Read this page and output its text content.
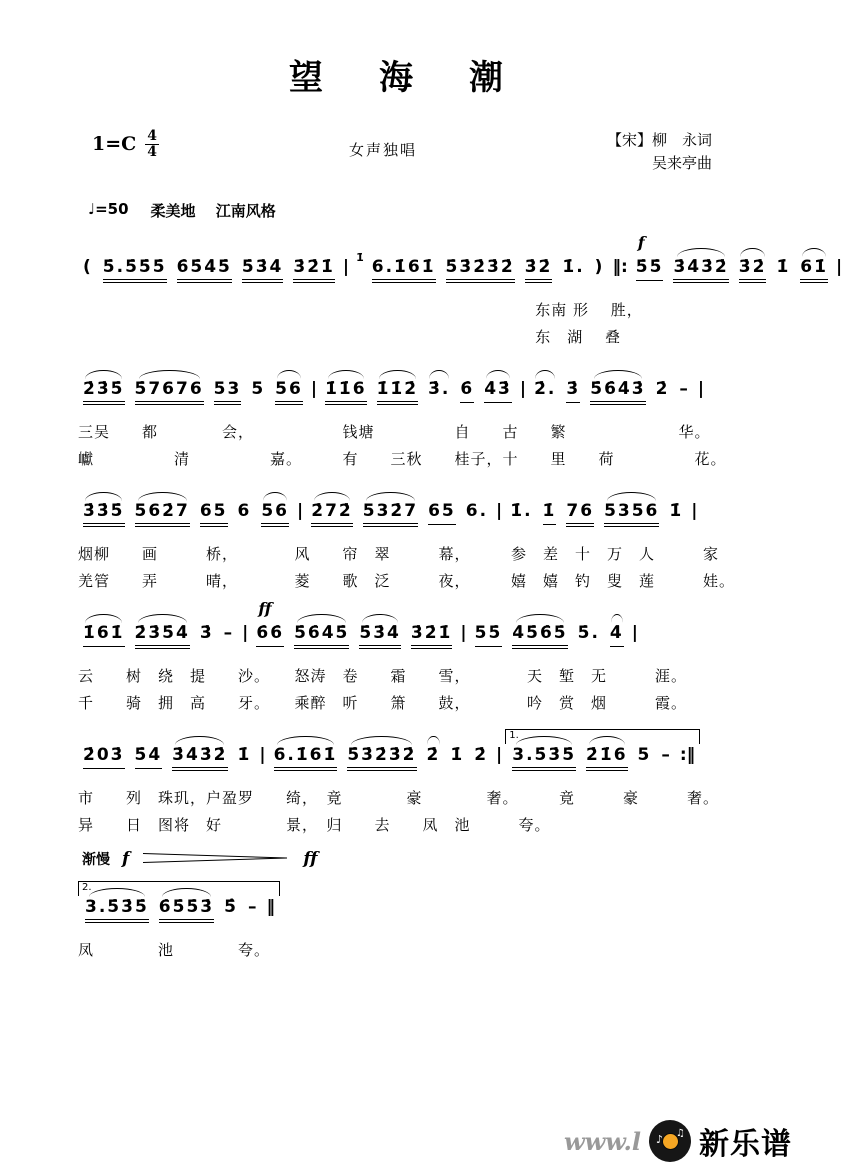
望海潮
1=C 4
4	女声独唱
【宋】柳　永词
吴来亭曲
♩=50 柔美地　 江南风格
( 5̇.5̇5̇5̇ 6̇5̇4̇5̇ 5̇3̇4̇ 3̇2̇1̇ | 1̇ 6.1̇61̇ 5̇3̇2̇3̇2̇ 3̇2̇ 1̇. ) ‖: 5̇5̇
f
3̇4̇3̇2̇ 3̇2̇ 1̇ 61̇ |
东南 形　 胜，
东　湖　 叠
2̇3̇5̇ 5̇7676 53 5 56 | 1̇1̇6 1̇1̇2̇ 3̇. 6̇ 4̇3̇ | 2̇. 3̇ 5̇6̇4̇3̇ 2̇ – |
三吴　　都　　　　会，　　　　　　钱塘　　　　　自　　古　　繁　　　　　　　华。
巘　　　　　清　　　　　嘉。　　　有　　三秋　　桂子，十　　里　　荷　　　　　花。
3̇3̇5̇ 562̇7 65 6 56 | 2̇72̇ 532̇7 65 6. | 1̇. 1̇ 76 5356 1̇ |
烟柳　　画　　　桥，　　　　风　　帘　翠　　　幕，　　　参　差　十　万　人　　　家
羌管　　弄　　　晴，　　　　菱　　歌　泛　　　夜，　　　嬉　嬉　钓　叟　莲　　　娃。
1̇61̇ 2̇3̇5̇4̇ 3̇ – | 6̇6̇
ff
5̇6̇4̇5̇ 5̇3̇4̇ 3̇2̇1̇ | 55̇ 4̇5̇6̇5̇ 5̇. 4̇ |
云　　树　绕　提　　沙。　　怒涛　卷　　霜　　雪，　　　　天　堑　无　　　涯。
千　　骑　拥　高　　牙。　　乘醉　听　　箫　　鼓，　　　　吟　赏　烟　　　霞。
2̇03̇ 5̇4̇ 3̇4̇3̇2̇ 1̇ | 6.1̇61̇ 5̇3̇2̇3̇2̇ 2̇ 1̇ 2̇ |
1.
3.5̇3̇5̇ 2̇1̇6 5 – :‖
市　　列　珠玑，户盈罗　　绮，　竟　　　　豪　　　　奢。　　　竟　　　豪　　　奢。
异　　日　图将　好　　　　景，　归　　去　　凤　池　　　夸。
渐慢 f	ff
2.
3.5̇3̇5̇ 6̇5̇5̇3̇ 5̂ – ‖
凤　　　　池　　　　夸。
www.l ♪ ♫ 新乐谱
